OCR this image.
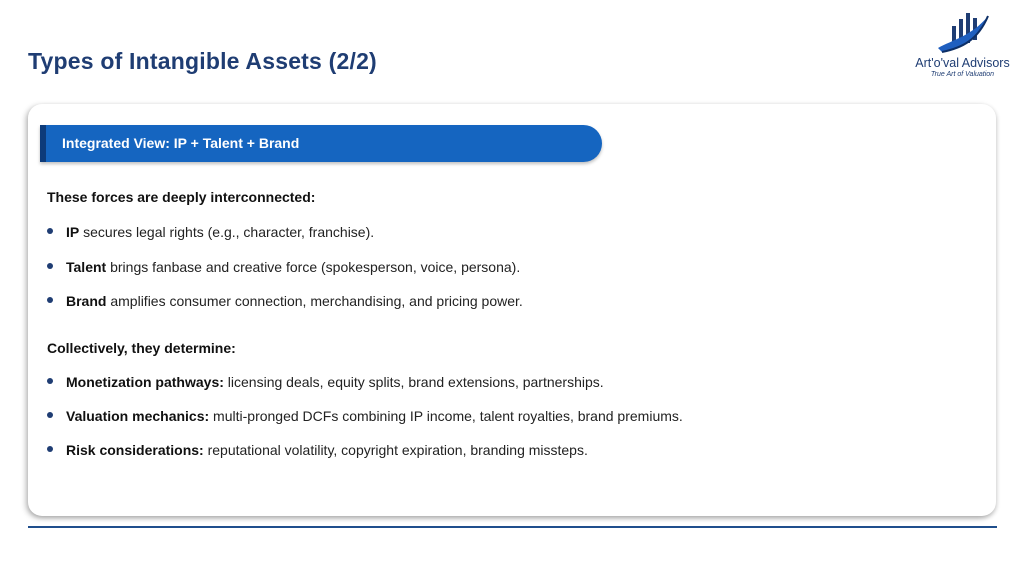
Types of Intangible Assets (2/2)	Art'o'val Advisors
True Art of Valuation
Integrated View: IP + Talent + Brand
These forces are deeply interconnected:
IP secures legal rights (e.g., character, franchise).
Talent brings fanbase and creative force (spokesperson, voice, persona).
Brand amplifies consumer connection, merchandising, and pricing power.
Collectively, they determine:
Monetization pathways: licensing deals, equity splits, brand extensions, partnerships.
Valuation mechanics: multi-pronged DCFs combining IP income, talent royalties, brand premiums.
Risk considerations: reputational volatility, copyright expiration, branding missteps.
